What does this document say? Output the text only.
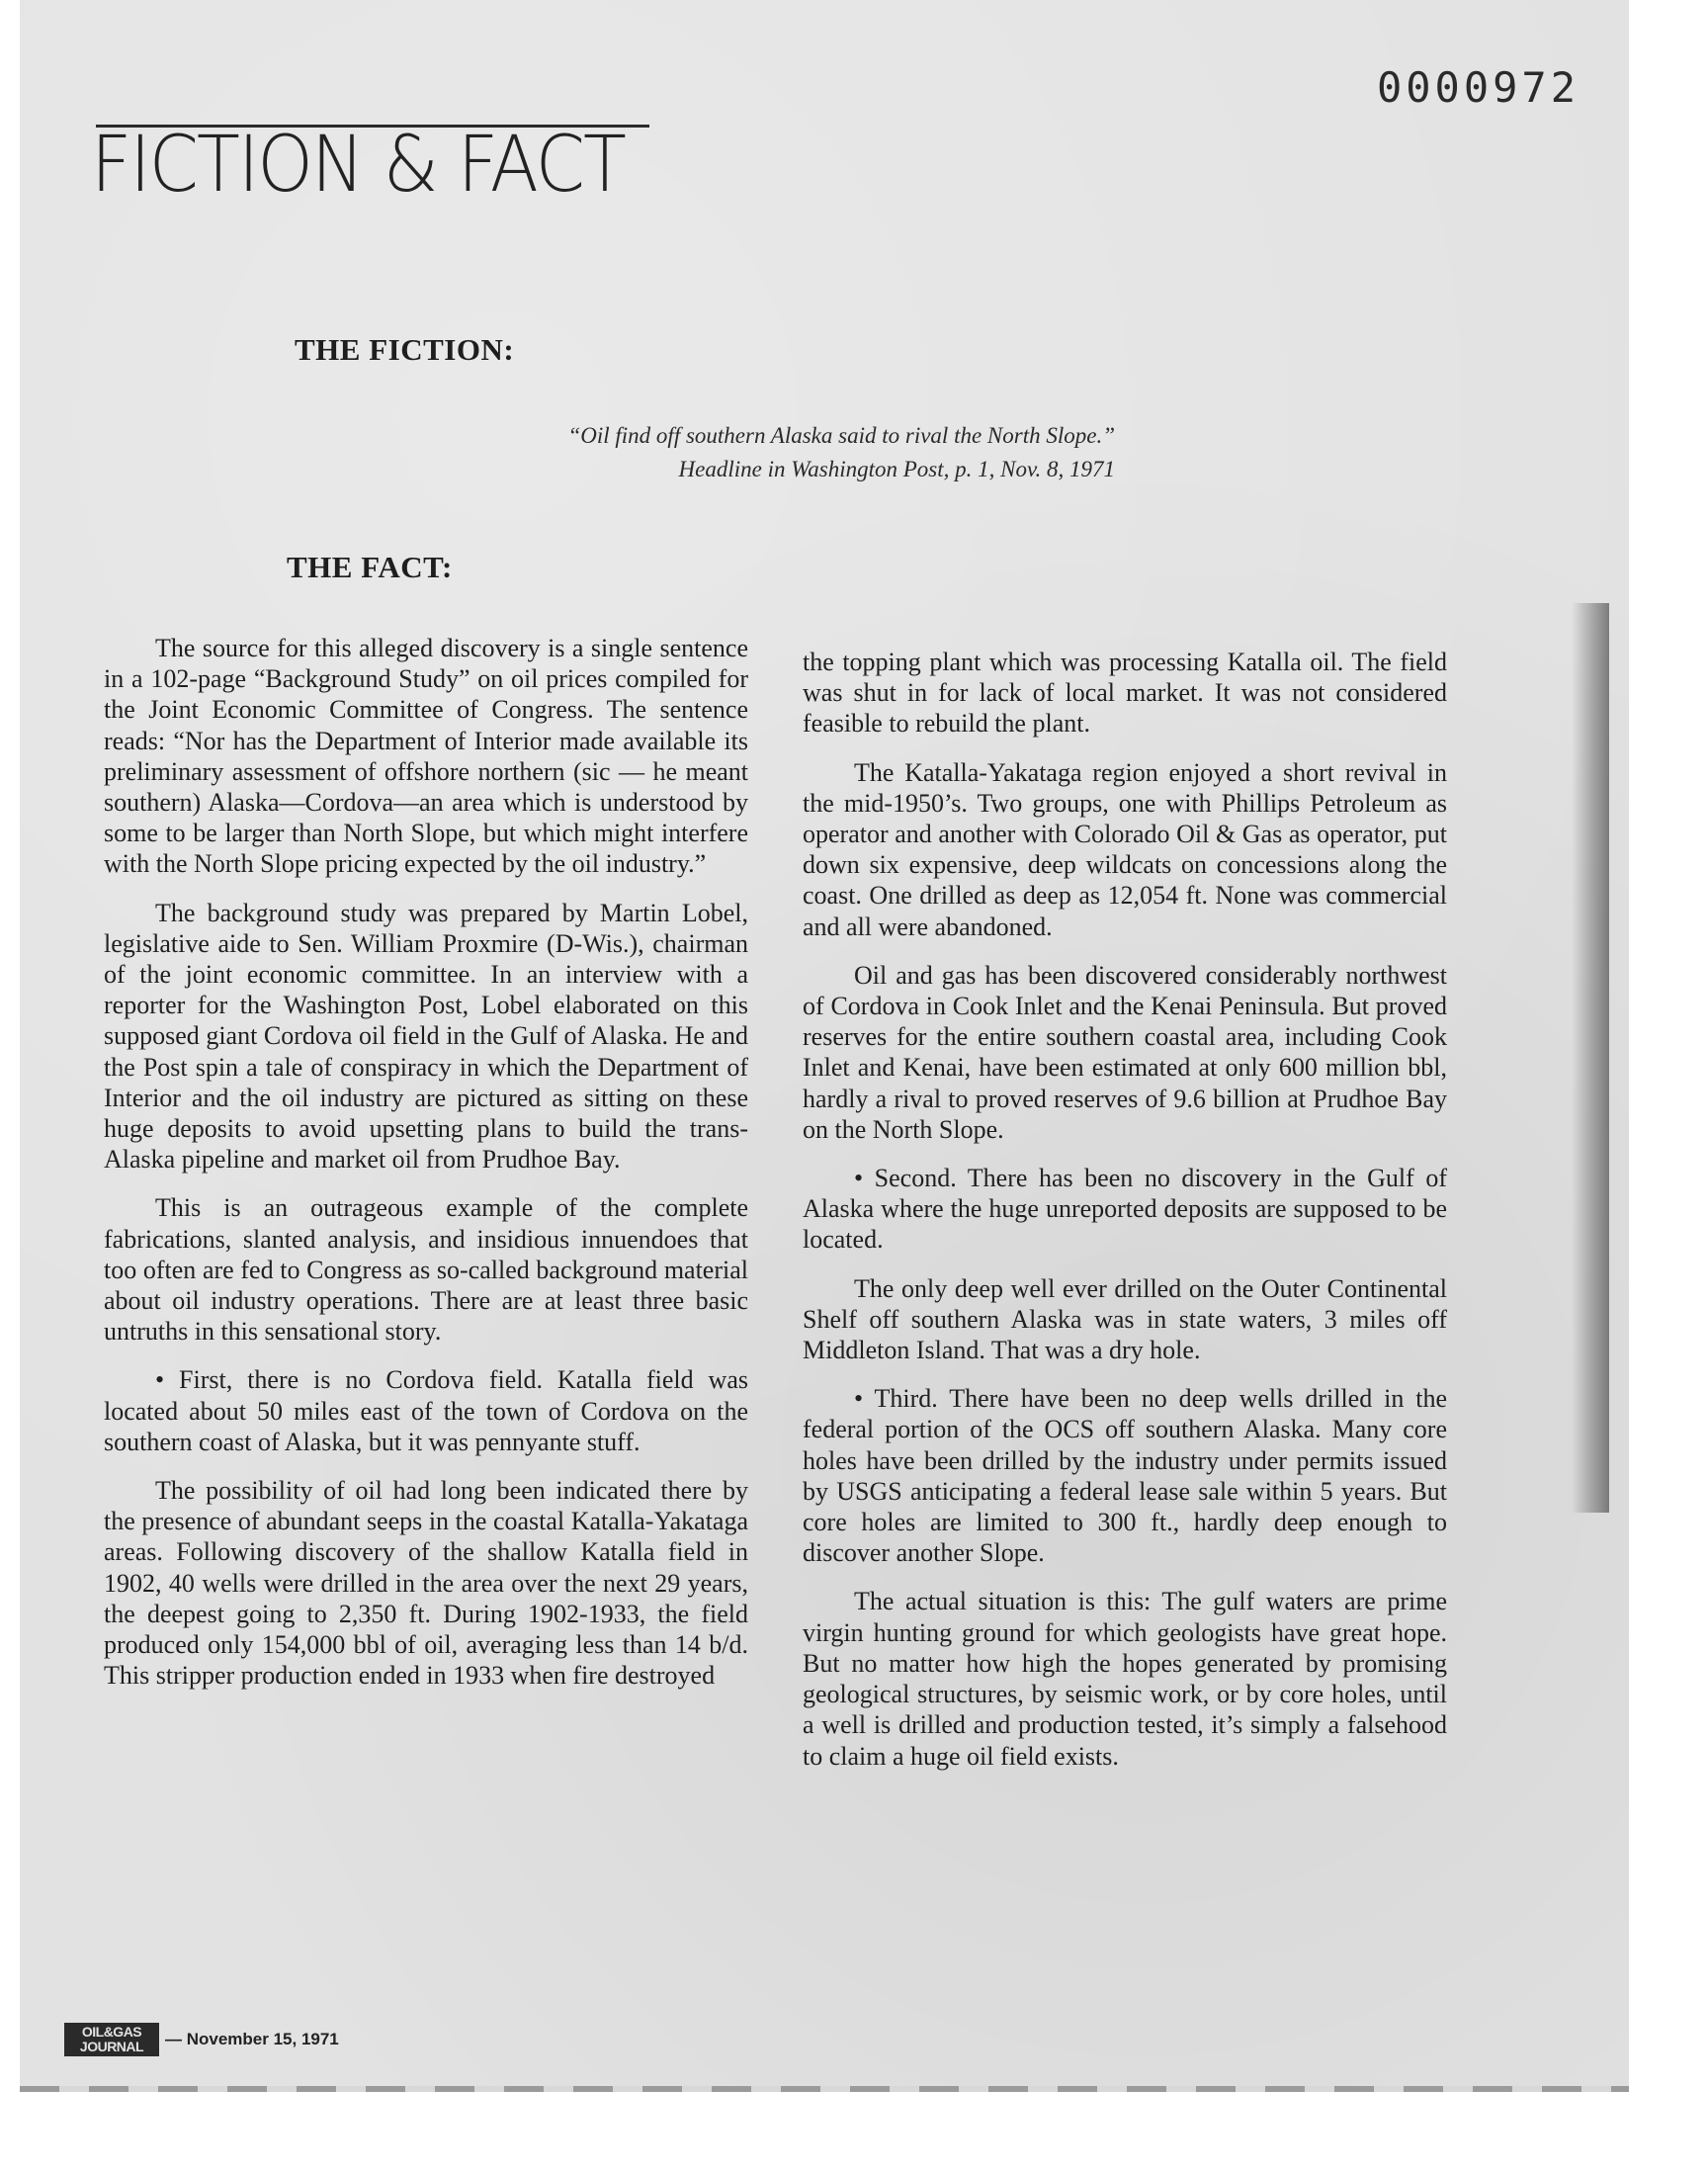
0000972
FICTION & FACT
THE FICTION:
“Oil find off southern Alaska said to rival the North Slope.”
Headline in Washington Post, p. 1, Nov. 8, 1971
THE FACT:

The source for this alleged discovery is a single sentence in a 102-page “Background Study” on oil prices compiled for the Joint Economic Committee of Congress. The sentence reads: “Nor has the Department of Interior made available its preliminary assessment of offshore northern (sic — he meant southern) Alaska—Cordova—an area which is understood by some to be larger than North Slope, but which might interfere with the North Slope pricing expected by the oil industry.”

The background study was prepared by Martin Lobel, legislative aide to Sen. William Proxmire (D-Wis.), chairman of the joint economic committee. In an interview with a reporter for the Washington Post, Lobel elaborated on this supposed giant Cordova oil field in the Gulf of Alaska. He and the Post spin a tale of conspiracy in which the Department of Interior and the oil industry are pictured as sitting on these huge deposits to avoid upsetting plans to build the trans-Alaska pipeline and market oil from Prudhoe Bay.

This is an outrageous example of the complete fabrications, slanted analysis, and insidious innuendoes that too often are fed to Congress as so-called background material about oil industry operations. There are at least three basic untruths in this sensational story.

• First, there is no Cordova field. Katalla field was located about 50 miles east of the town of Cordova on the southern coast of Alaska, but it was pennyante stuff.

The possibility of oil had long been indicated there by the presence of abundant seeps in the coastal Katalla-Yakataga areas. Following discovery of the shallow Katalla field in 1902, 40 wells were drilled in the area over the next 29 years, the deepest going to 2,350 ft. During 1902-1933, the field produced only 154,000 bbl of oil, averaging less than 14 b/d. This stripper production ended in 1933 when fire destroyed

the topping plant which was processing Katalla oil. The field was shut in for lack of local market. It was not considered feasible to rebuild the plant.

The Katalla-Yakataga region enjoyed a short revival in the mid-1950’s. Two groups, one with Phillips Petroleum as operator and another with Colorado Oil & Gas as operator, put down six expensive, deep wildcats on concessions along the coast. One drilled as deep as 12,054 ft. None was commercial and all were abandoned.

Oil and gas has been discovered considerably northwest of Cordova in Cook Inlet and the Kenai Peninsula. But proved reserves for the entire southern coastal area, including Cook Inlet and Kenai, have been estimated at only 600 million bbl, hardly a rival to proved reserves of 9.6 billion at Prudhoe Bay on the North Slope.

• Second. There has been no discovery in the Gulf of Alaska where the huge unreported deposits are supposed to be located.

The only deep well ever drilled on the Outer Continental Shelf off southern Alaska was in state waters, 3 miles off Middleton Island. That was a dry hole.

• Third. There have been no deep wells drilled in the federal portion of the OCS off southern Alaska. Many core holes have been drilled by the industry under permits issued by USGS anticipating a federal lease sale within 5 years. But core holes are limited to 300 ft., hardly deep enough to discover another Slope.

The actual situation is this: The gulf waters are prime virgin hunting ground for which geologists have great hope. But no matter how high the hopes generated by promising geological structures, by seismic work, or by core holes, until a well is drilled and production tested, it’s simply a falsehood to claim a huge oil field exists.

OIL&GAS
JOURNAL — November 15, 1971
